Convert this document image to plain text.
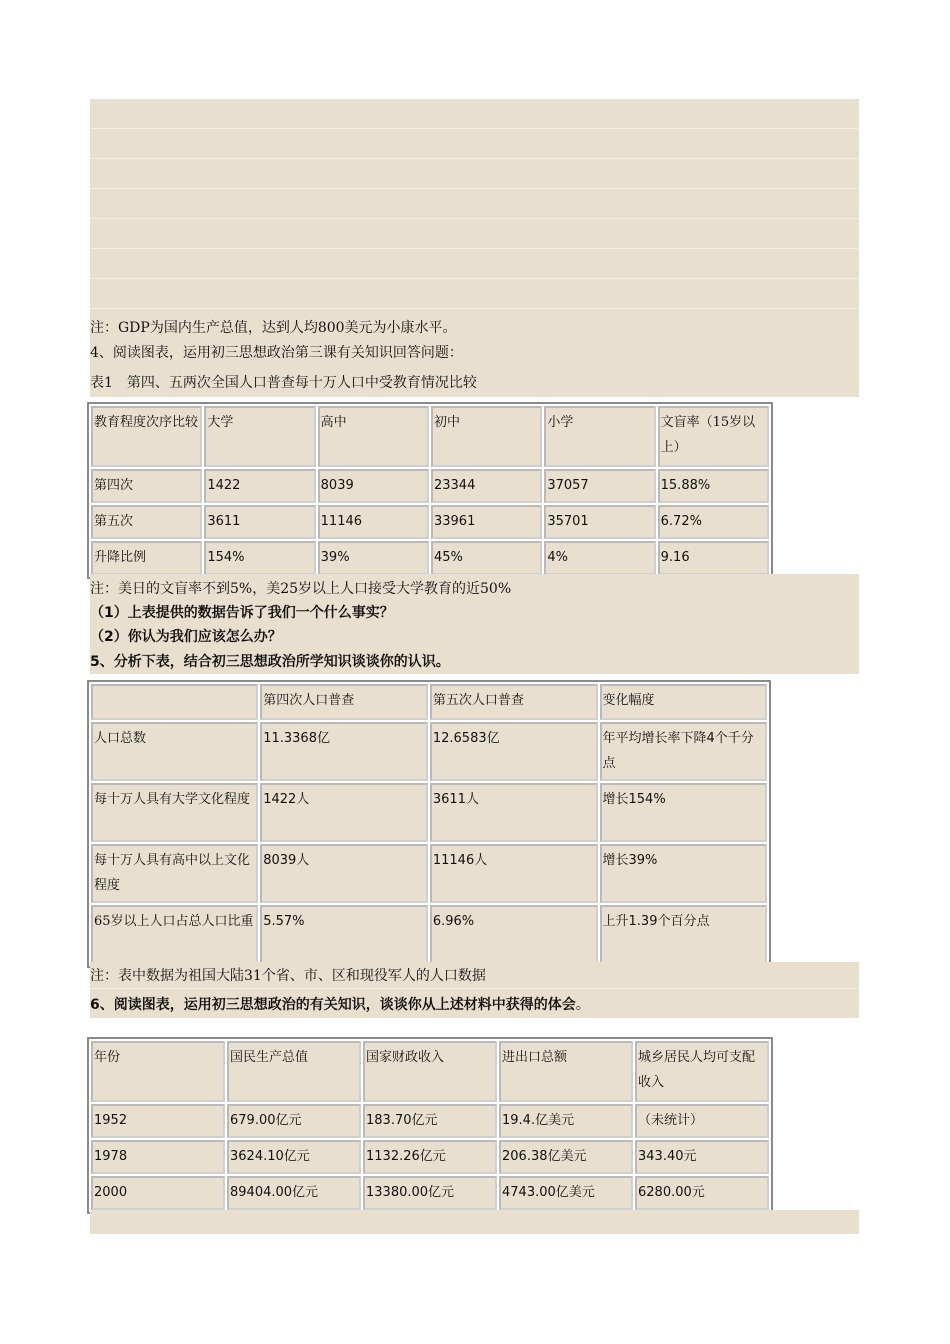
注：GDP为国内生产总值，达到人均800美元为小康水平。
4、阅读图表，运用初三思想政治第三课有关知识回答问题：
表1　第四、五两次全国人口普查每十万人口中受教育情况比较
教育程度次序比较	大学	高中	初中	小学	文盲率（15岁以上）
第四次	1422	8039	23344	37057	15.88%
第五次	3611	11146	33961	35701	6.72%
升降比例	154%	39%	45%	4%	9.16
注：美日的文盲率不到5%，美25岁以上人口接受大学教育的近50%
（1）上表提供的数据告诉了我们一个什么事实？
（2）你认为我们应该怎么办？
5、分析下表，结合初三思想政治所学知识谈谈你的认识。
	第四次人口普查	第五次人口普查	变化幅度
人口总数	11.3368亿	12.6583亿	年平均增长率下降4个千分点
每十万人具有大学文化程度	1422人	3611人	增长154%
每十万人具有高中以上文化程度	8039人	11146人	增长39%
65岁以上人口占总人口比重	5.57%	6.96%	上升1.39个百分点
注：表中数据为祖国大陆31个省、市、区和现役军人的人口数据
6、阅读图表，运用初三思想政治的有关知识，谈谈你从上述材料中获得的体会。
年份	国民生产总值	国家财政收入	进出口总额	城乡居民人均可支配收入
1952	679.00亿元	183.70亿元	19.4.亿美元	（未统计）
1978	3624.10亿元	1132.26亿元	206.38亿美元	343.40元
2000	89404.00亿元	13380.00亿元	4743.00亿美元	6280.00元
